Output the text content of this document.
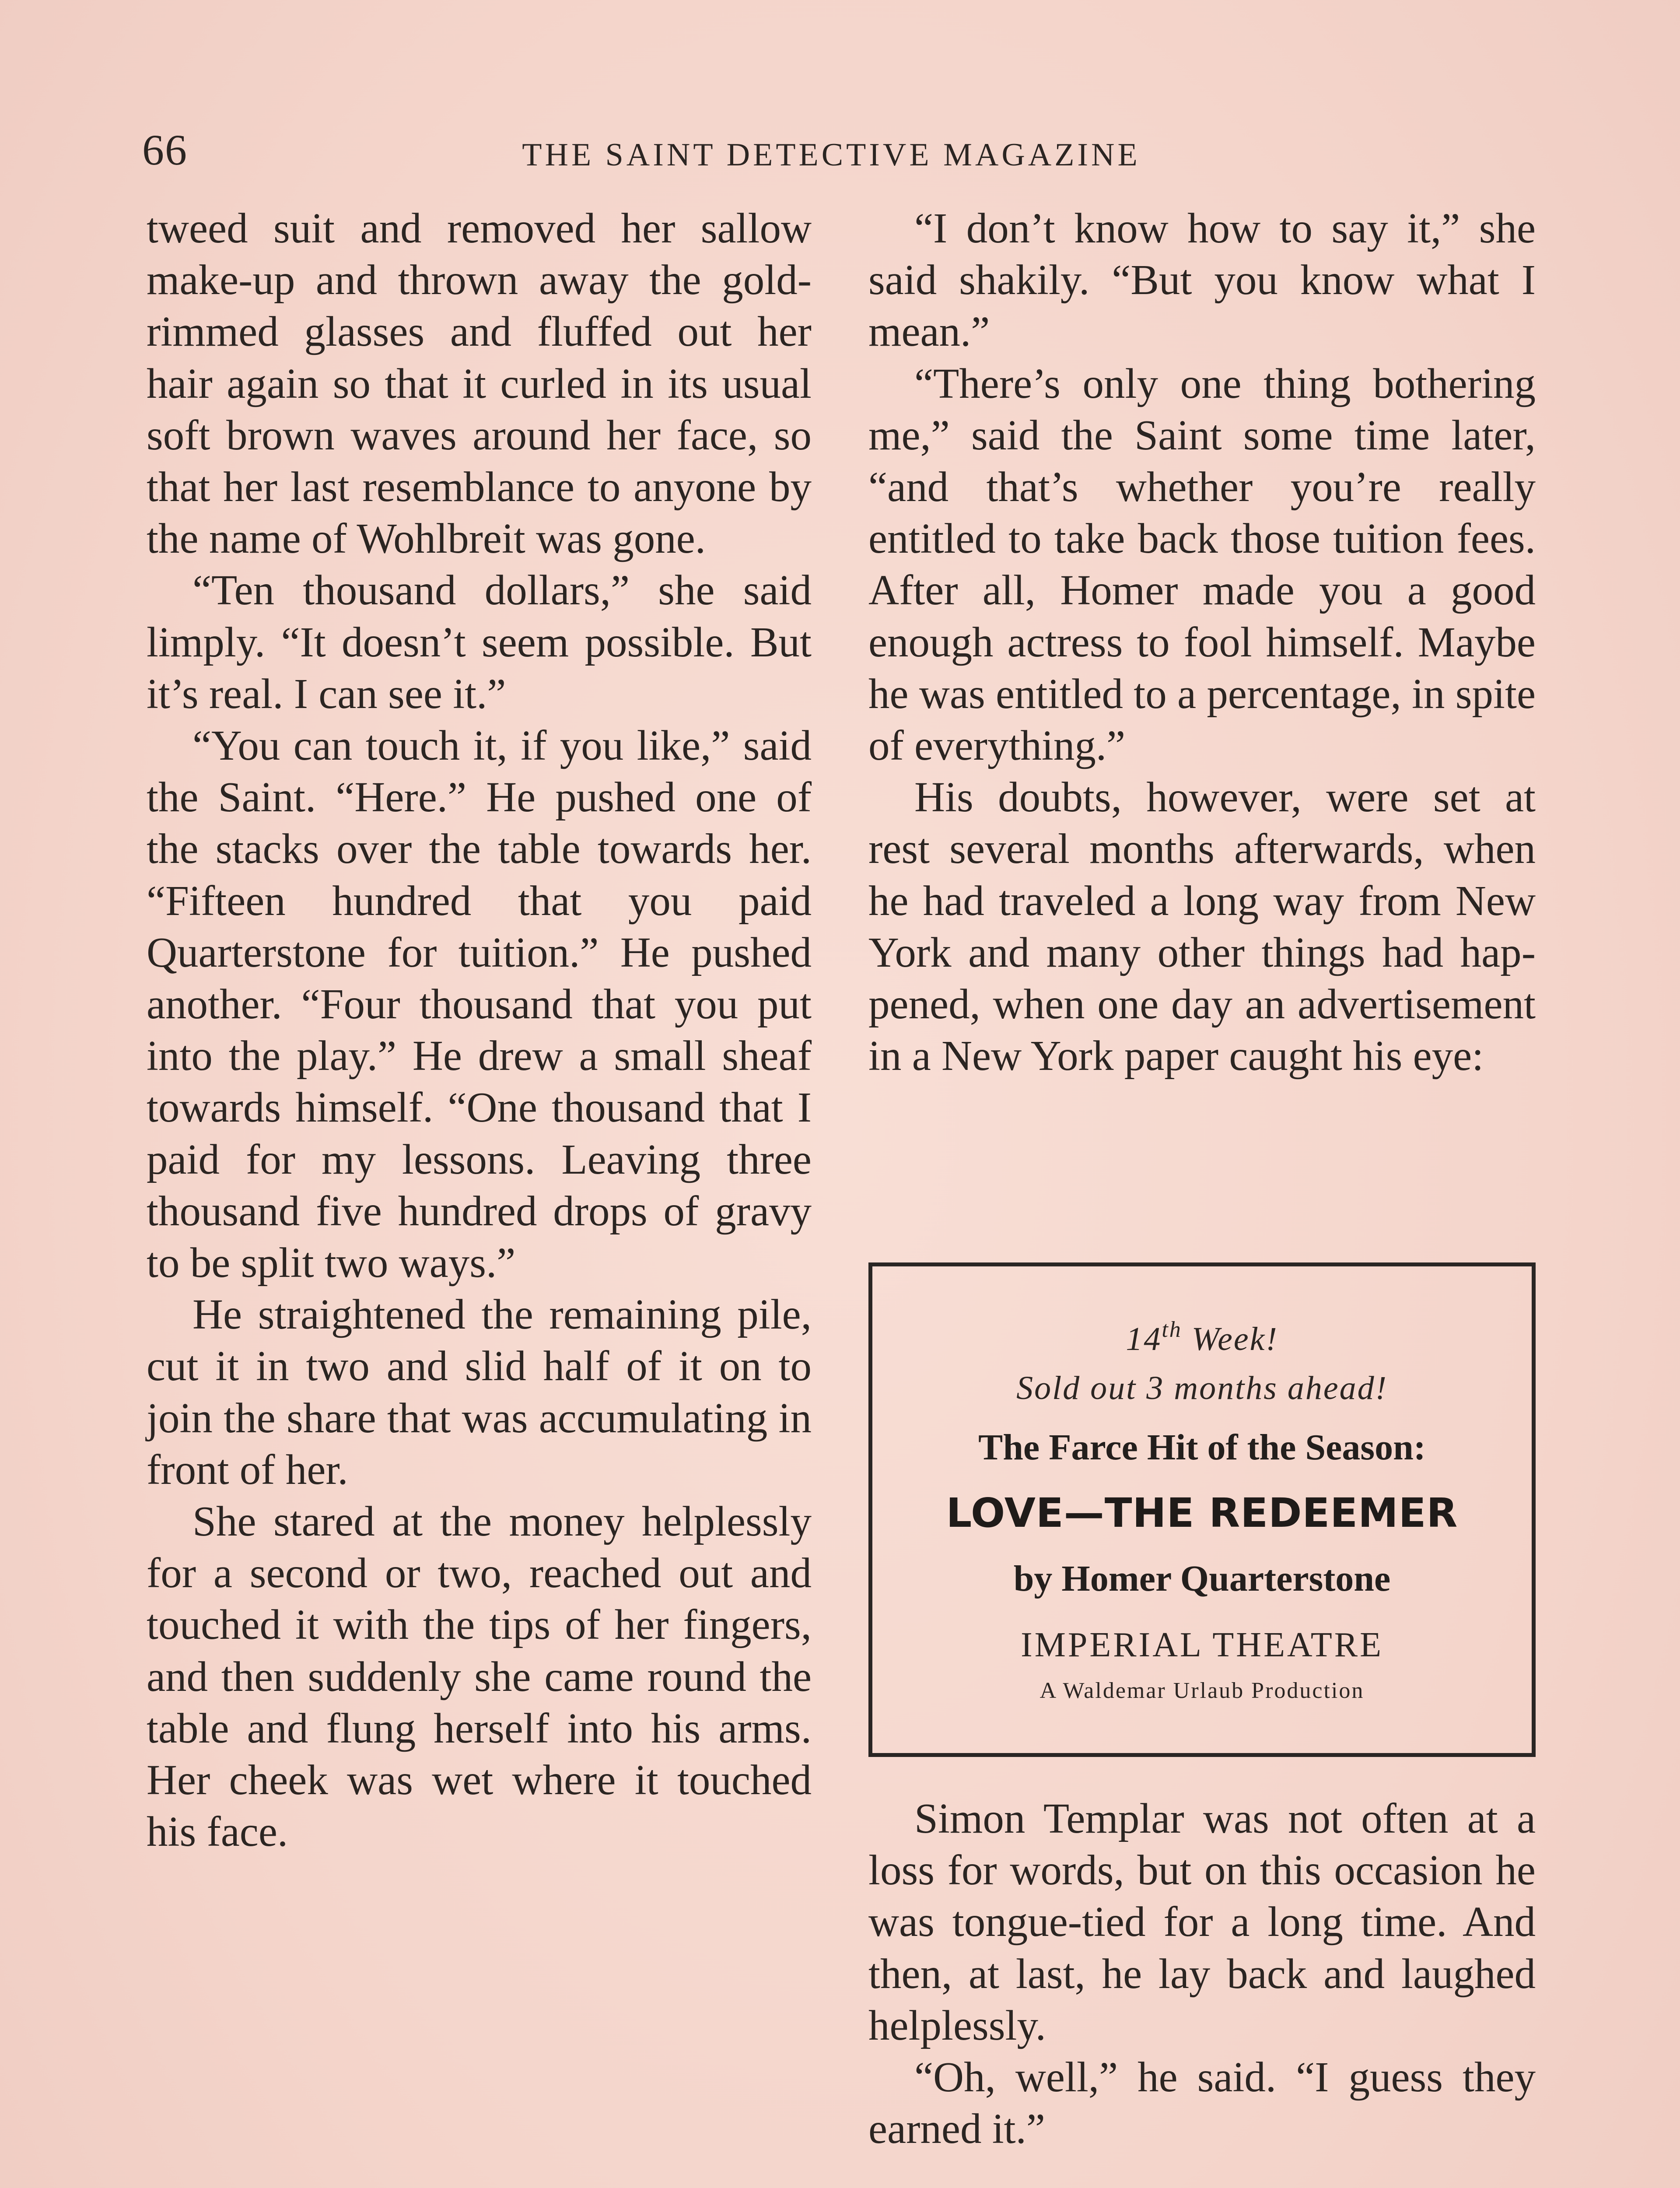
66	THE SAINT DETECTIVE MAGAZINE

tweed suit and removed her sallow make-up and thrown away the gold-rimmed glasses and fluffed out her hair again so that it curled in its usual soft brown waves around her face, so that her last resemblance to anyone by the name of Wohlbreit was gone.

“Ten thousand dollars,” she said limply. “It doesn’t seem possible. But it’s real. I can see it.”

“You can touch it, if you like,” said the Saint. “Here.” He pushed one of the stacks over the table towards her. “Fifteen hundred that you paid Quarterstone for tuition.” He pushed another. “Four thousand that you put into the play.” He drew a small sheaf towards himself. “One thousand that I paid for my lessons. Leaving three thousand five hundred drops of gravy to be split two ways.”

He straightened the remaining pile, cut it in two and slid half of it on to join the share that was accumulating in front of her.

She stared at the money helplessly for a second or two, reached out and touched it with the tips of her fingers, and then suddenly she came round the table and flung herself into his arms. Her cheek was wet where it touched his face.

“I don’t know how to say it,” she said shakily. “But you know what I mean.”

“There’s only one thing bothering me,” said the Saint some time later, “and that’s whether you’re really entitled to take back those tuition fees. After all, Homer made you a good enough actress to fool himself. Maybe he was entitled to a percentage, in spite of everything.”

His doubts, however, were set at rest several months afterwards, when he had traveled a long way from New York and many other things had happened, when one day an advertisement in a New York paper caught his eye:

14th Week!
Sold out 3 months ahead!
The Farce Hit of the Season:
LOVE—THE REDEEMER
by Homer Quarterstone
IMPERIAL THEATRE
A Waldemar Urlaub Production

Simon Templar was not often at a loss for words, but on this occasion he was tongue-tied for a long time. And then, at last, he lay back and laughed helplessly.

“Oh, well,” he said. “I guess they earned it.”
